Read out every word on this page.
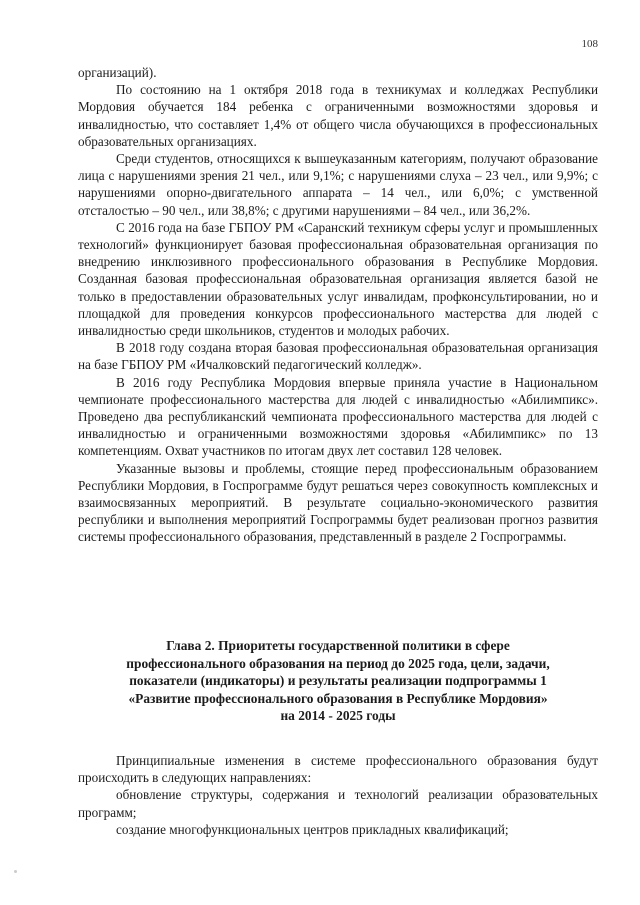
108

организаций).

По состоянию на 1 октября 2018 года в техникумах и колледжах Республики Мордовия обучается 184 ребенка с ограниченными возможностями здоровья и инвалидностью, что составляет 1,4% от общего числа обучающихся в профессиональных образовательных организациях.

Среди студентов, относящихся к вышеуказанным категориям, получают образование лица с нарушениями зрения 21 чел., или 9,1%; с нарушениями слуха – 23 чел., или 9,9%; с нарушениями опорно-двигательного аппарата – 14 чел., или 6,0%; с умственной отсталостью – 90 чел., или 38,8%; с другими нарушениями – 84 чел., или 36,2%.

С 2016 года на базе ГБПОУ РМ «Саранский техникум сферы услуг и промышленных технологий» функционирует базовая профессиональная образовательная организация по внедрению инклюзивного профессионального образования в Республике Мордовия. Созданная базовая профессиональная образовательная организация является базой не только в предоставлении образовательных услуг инвалидам, профконсультировании, но и площадкой для проведения конкурсов профессионального мастерства для людей с инвалидностью среди школьников, студентов и молодых рабочих.

В 2018 году создана вторая базовая профессиональная образовательная организация на базе ГБПОУ РМ «Ичалковский педагогический колледж».

В 2016 году Республика Мордовия впервые приняла участие в Национальном чемпионате профессионального мастерства для людей с инвалидностью «Абилимпикс». Проведено два республиканский чемпионата профессионального мастерства для людей с инвалидностью и ограниченными возможностями здоровья «Абилимпикс» по 13 компетенциям. Охват участников по итогам двух лет составил 128 человек.

Указанные вызовы и проблемы, стоящие перед профессиональным образованием Республики Мордовия, в Госпрограмме будут решаться через совокупность комплексных и взаимосвязанных мероприятий. В результате социально-экономического развития республики и выполнения мероприятий Госпрограммы будет реализован прогноз развития системы профессионального образования, представленный в разделе 2 Госпрограммы.

Глава 2. Приоритеты государственной политики в сфере
профессионального образования на период до 2025 года, цели, задачи,
показатели (индикаторы) и результаты реализации подпрограммы 1
«Развитие профессионального образования в Республике Мордовия»
на 2014 - 2025 годы

Принципиальные изменения в системе профессионального образования будут происходить в следующих направлениях:

обновление структуры, содержания и технологий реализации образовательных программ;

создание многофункциональных центров прикладных квалификаций;
